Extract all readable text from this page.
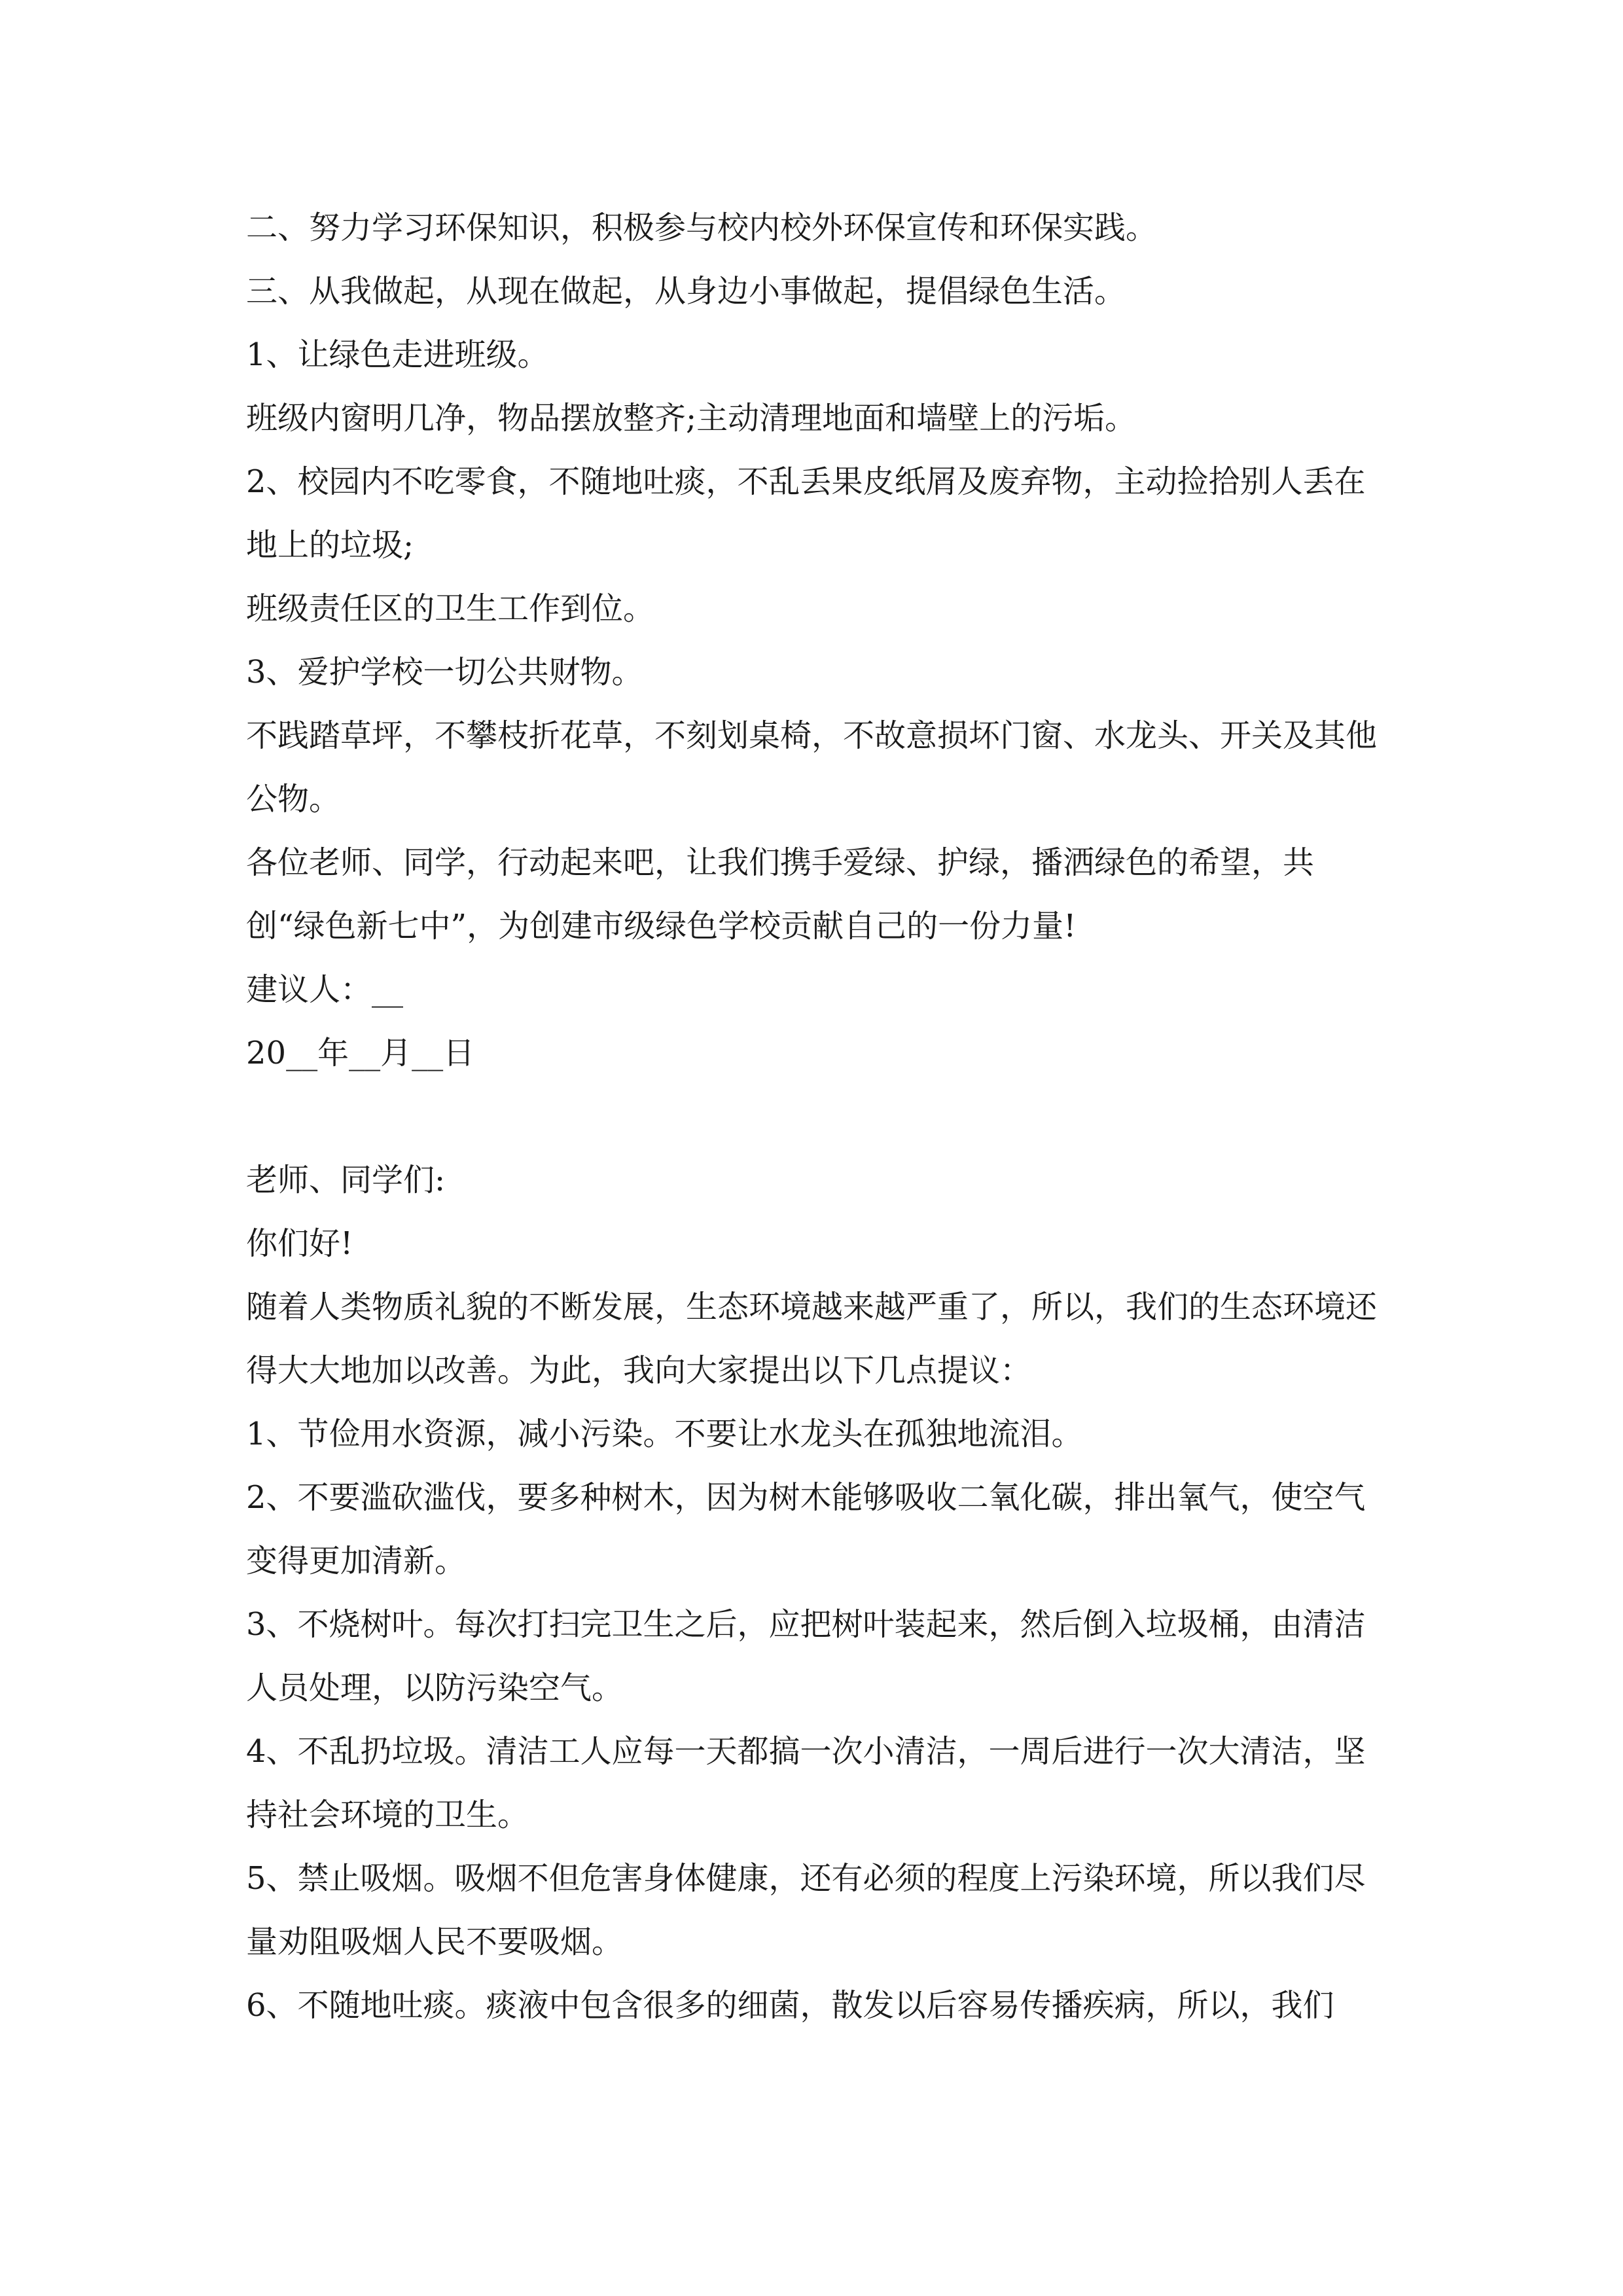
二、努力学习环保知识，积极参与校内校外环保宣传和环保实践。

三、从我做起，从现在做起，从身边小事做起，提倡绿色生活。

1、让绿色走进班级。

班级内窗明几净，物品摆放整齐;主动清理地面和墙壁上的污垢。

2、校园内不吃零食，不随地吐痰，不乱丢果皮纸屑及废弃物，主动捡拾别人丢在地上的垃圾;

班级责任区的卫生工作到位。

3、爱护学校一切公共财物。

不践踏草坪，不攀枝折花草，不刻划桌椅，不故意损坏门窗、水龙头、开关及其他公物。

各位老师、同学，行动起来吧，让我们携手爱绿、护绿，播洒绿色的希望，共创“绿色新七中”，为创建市级绿色学校贡献自己的一份力量!

建议人：__

20__年__月__日

老师、同学们:

你们好!

随着人类物质礼貌的不断发展，生态环境越来越严重了，所以，我们的生态环境还得大大地加以改善。为此，我向大家提出以下几点提议：

1、节俭用水资源，减小污染。不要让水龙头在孤独地流泪。

2、不要滥砍滥伐，要多种树木，因为树木能够吸收二氧化碳，排出氧气，使空气变得更加清新。

3、不烧树叶。每次打扫完卫生之后，应把树叶装起来，然后倒入垃圾桶，由清洁人员处理，以防污染空气。

4、不乱扔垃圾。清洁工人应每一天都搞一次小清洁，一周后进行一次大清洁，坚持社会环境的卫生。

5、禁止吸烟。吸烟不但危害身体健康，还有必须的程度上污染环境，所以我们尽量劝阻吸烟人民不要吸烟。

6、不随地吐痰。痰液中包含很多的细菌，散发以后容易传播疾病，所以，我们
